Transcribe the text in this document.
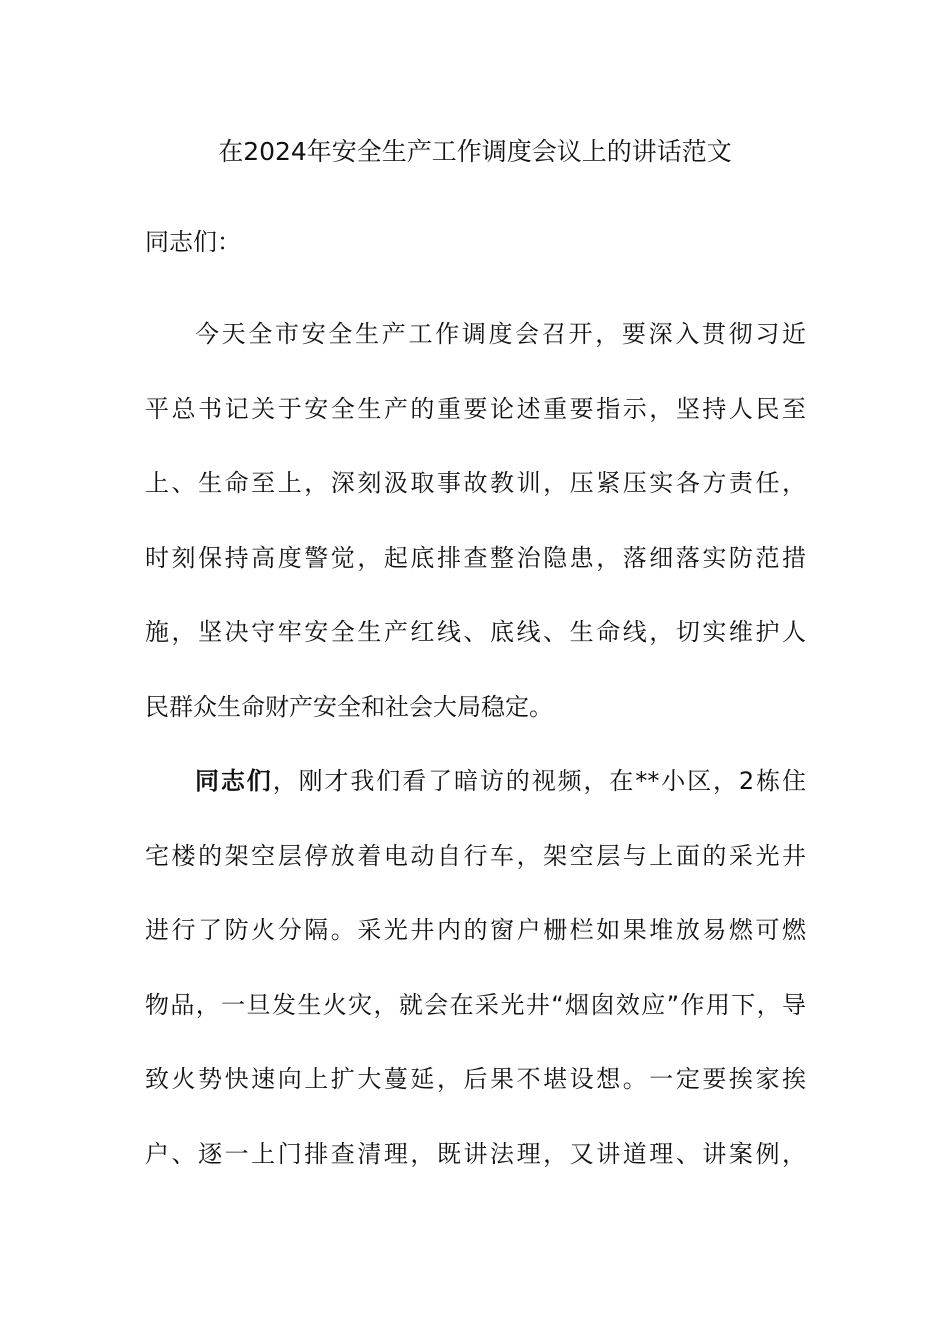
在2024年安全生产工作调度会议上的讲话范文
同志们：
今天全市安全生产工作调度会召开，要深入贯彻习近
平总书记关于安全生产的重要论述重要指示，坚持人民至
上、生命至上，深刻汲取事故教训，压紧压实各方责任，
时刻保持高度警觉，起底排查整治隐患，落细落实防范措
施，坚决守牢安全生产红线、底线、生命线，切实维护人
民群众生命财产安全和社会大局稳定。
同志们，刚才我们看了暗访的视频，在**小区，2栋住
宅楼的架空层停放着电动自行车，架空层与上面的采光井
进行了防火分隔。采光井内的窗户栅栏如果堆放易燃可燃
物品，一旦发生火灾，就会在采光井“烟囱效应”作用下，导
致火势快速向上扩大蔓延，后果不堪设想。一定要挨家挨
户、逐一上门排查清理，既讲法理，又讲道理、讲案例，
